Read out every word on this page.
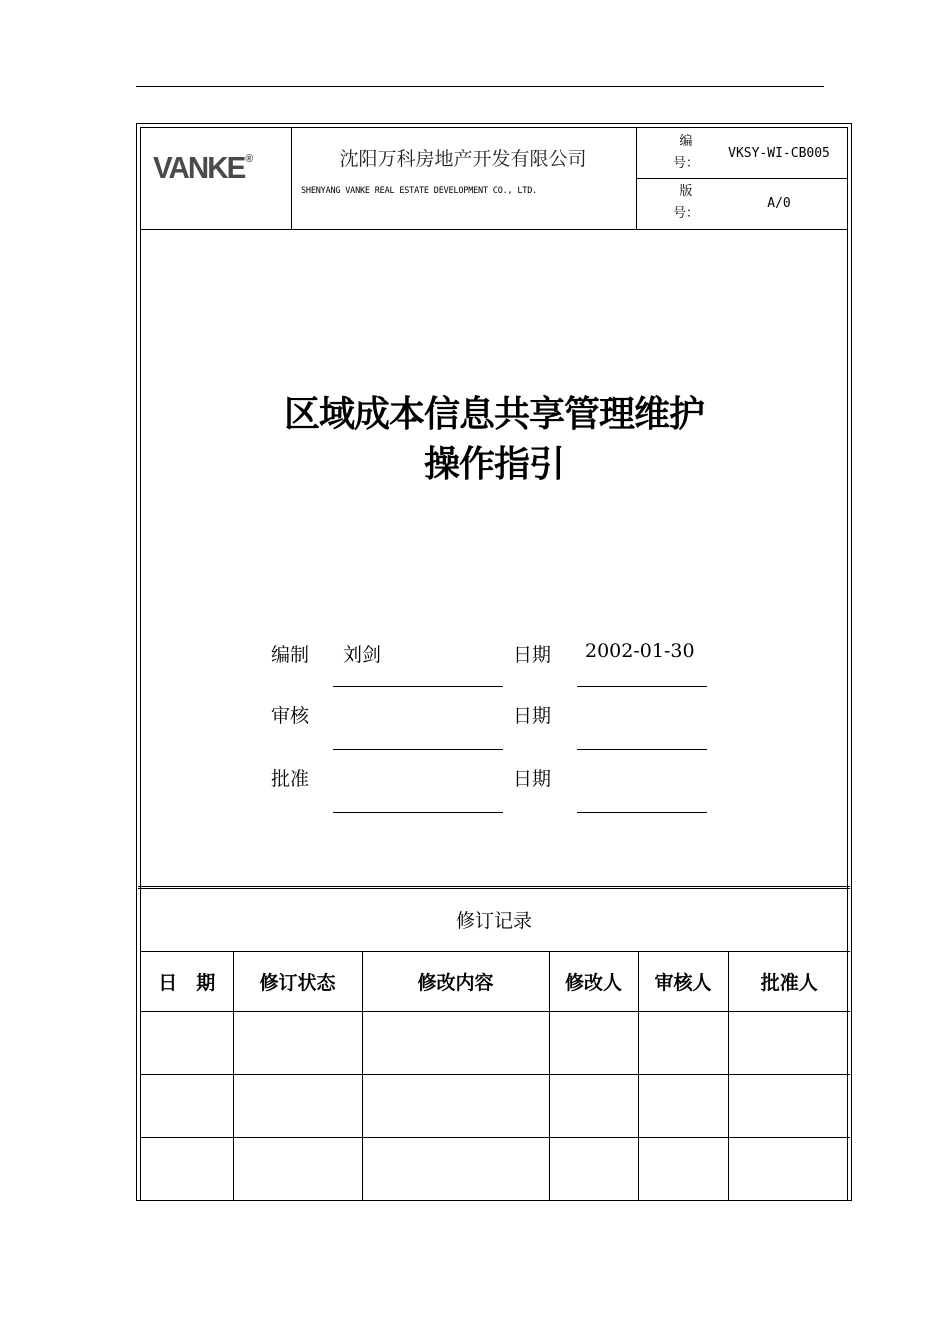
VANKE®	沈阳万科房地产开发有限公司
SHENYANG VANKE REAL ESTATE DEVELOPMENT CO., LTD.
编
号：
VKSY-WI-CB005
版
号：
A/0
区域成本信息共享管理维护
操作指引
编制 刘剑	日期 2002-01-30
审核	日期
批准	日期
修订记录
日　期	修订状态	修改内容	修改人	审核人	批准人
